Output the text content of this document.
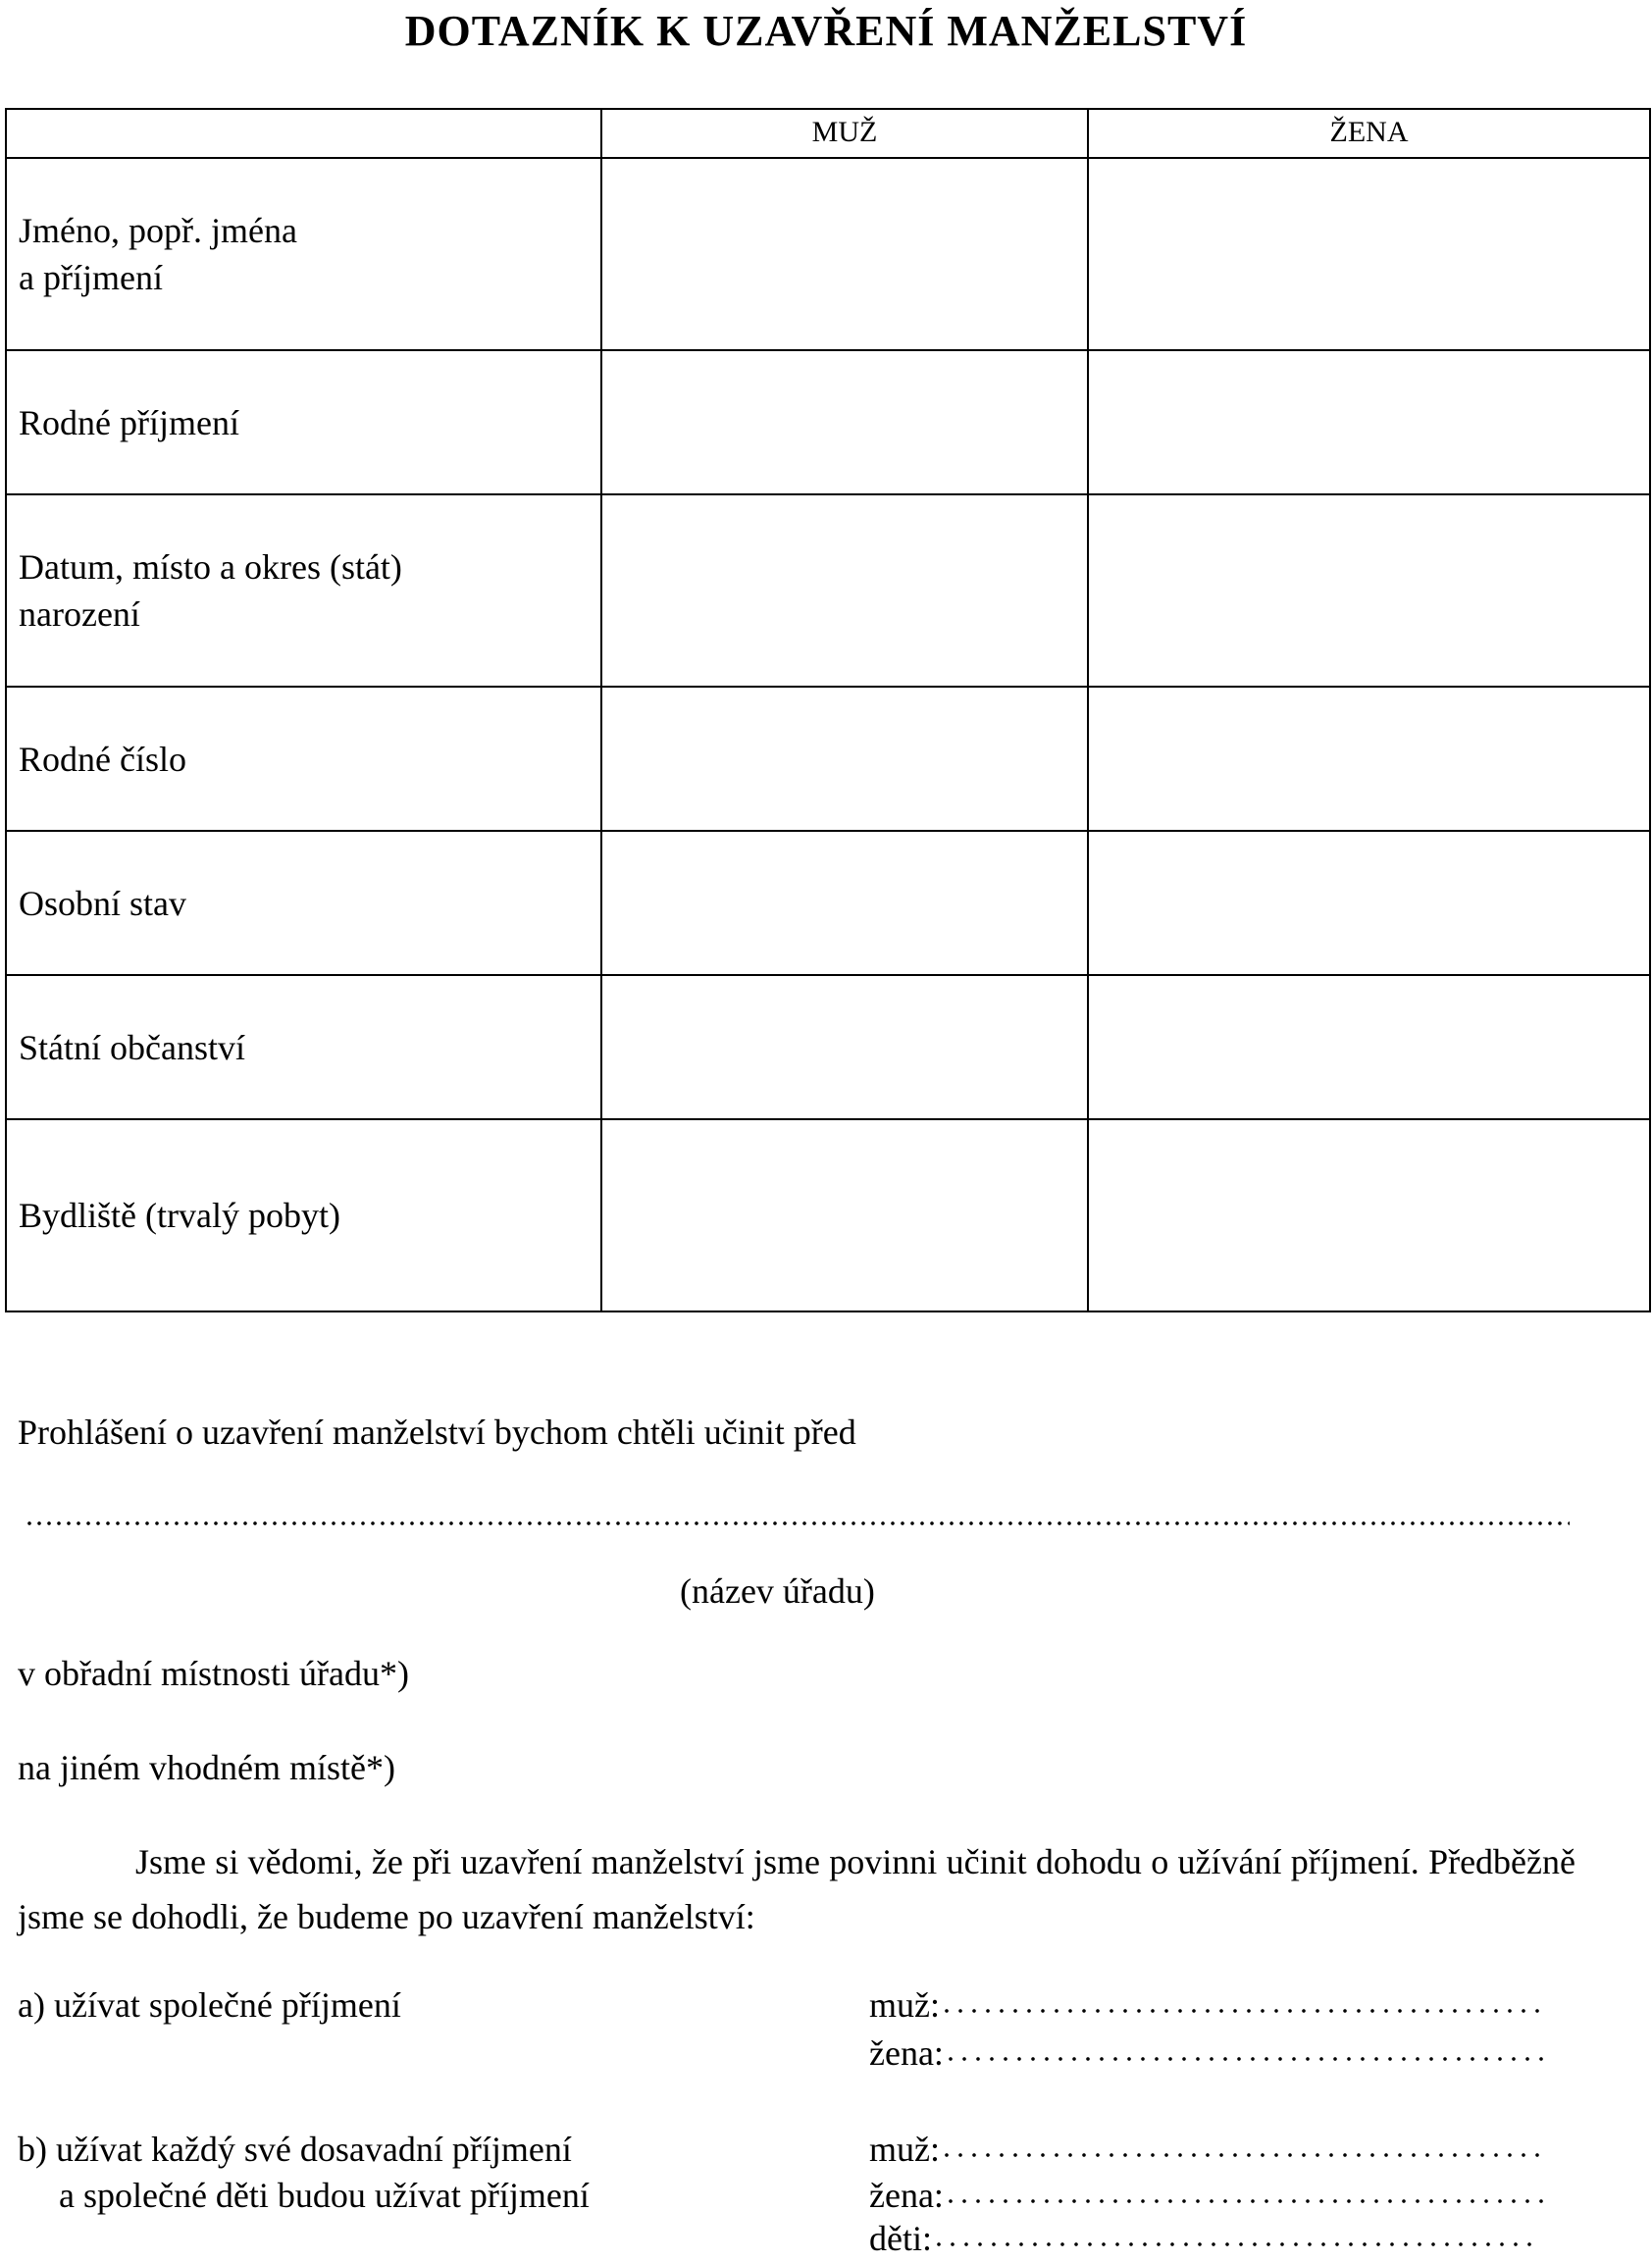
DOTAZNÍK K UZAVŘENÍ MANŽELSTVÍ
	MUŽ	ŽENA
Jméno, popř. jména
a příjmení		
Rodné příjmení		
Datum, místo a okres (stát)
narození		
Rodné číslo		
Osobní stav		
Státní občanství		
Bydliště (trvalý pobyt)		
Prohlášení o uzavření manželství bychom chtěli učinit před
(název úřadu)
v obřadní místnosti úřadu*)
na jiném vhodném místě*)
Jsme si vědomi, že při uzavření manželství jsme povinni učinit dohodu o užívání příjmení. Předběžně jsme se dohodli, že budeme po uzavření manželství:
a) užívat společné příjmení	muž:
žena:
b) užívat každý své dosavadní příjmení
a společné děti budou užívat příjmení
muž:
žena:
děti:
